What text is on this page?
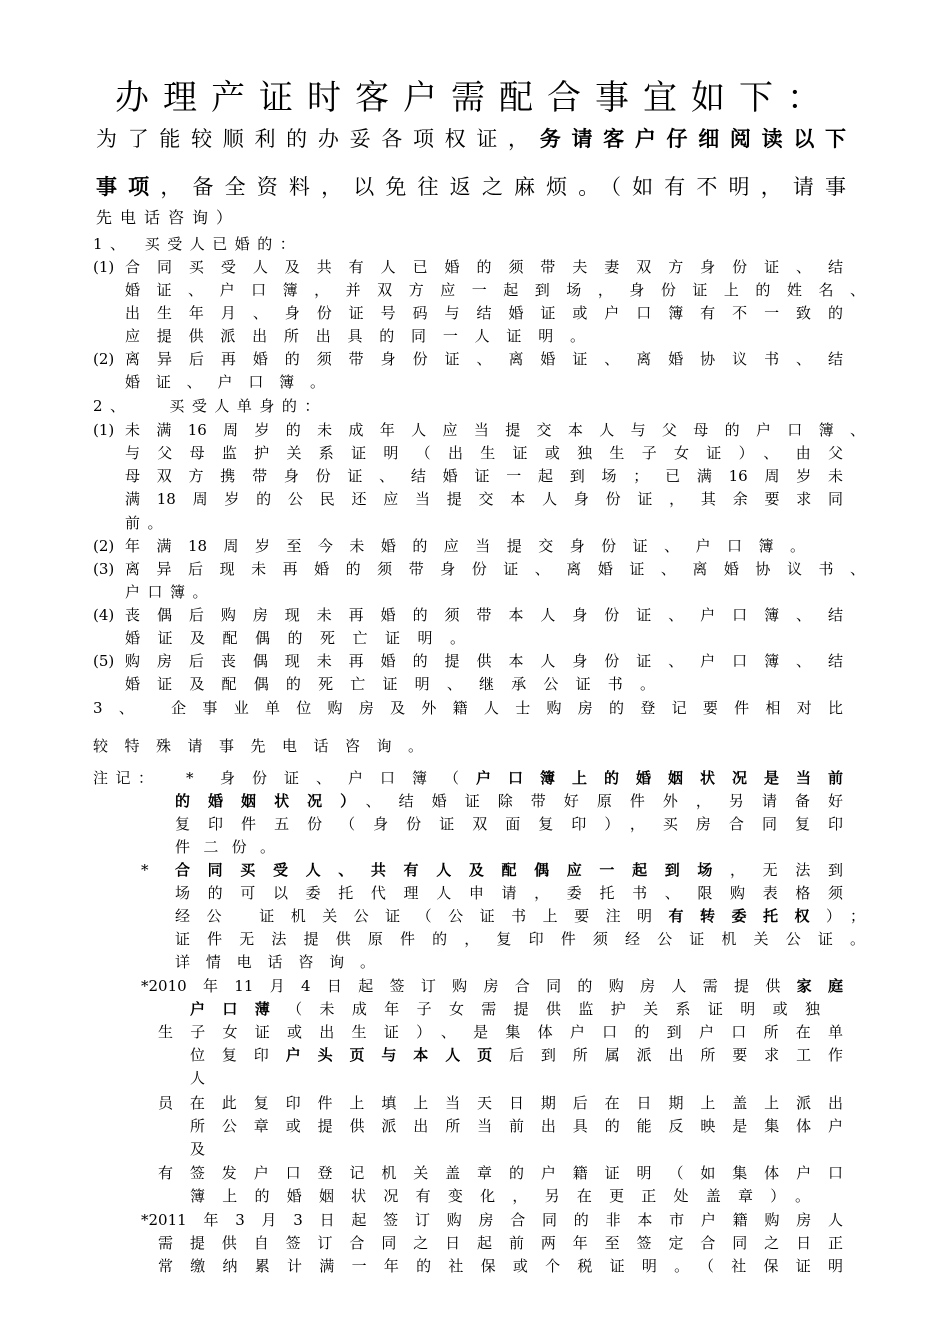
办理产证时客户需配合事宜如下：
为了能较顺利的办妥各项权证，务请客户仔细阅读以下
事项，备全资料，以免往返之麻烦。（如有不明，请事
先电话咨询）
1、 买受人已婚的：
(1) 合同买受人及共有人已婚的须带夫妻双方身份证、结
婚证、户口簿，并双方应一起到场，身份证上的姓名、
出生年月、身份证号码与结婚证或户口簿有不一致的
应提供派出所出具的同一人证明。
(2) 离异后再婚的须带身份证、离婚证、离婚协议书、结
婚证、户口簿。
2、   买受人单身的：
(1) 未满16周岁的未成年人应当提交本人与父母的户口簿、
与父母监护关系证明（出生证或独生子女证）、由父
母双方携带身份证、结婚证一起到场；已满16周岁未
满18周岁的公民还应当提交本人身份证，其余要求同
前。
(2) 年满18周岁至今未婚的应当提交身份证、户口簿。
(3) 离异后现未再婚的须带身份证、离婚证、离婚协议书、
户口簿。
(4) 丧偶后购房现未再婚的须带本人身份证、户口簿、结
婚证及配偶的死亡证明。
(5) 购房后丧偶现未再婚的提供本人身份证、户口簿、结
婚证及配偶的死亡证明、继承公证书。
3、 企事业单位购房及外籍人士购房的登记要件相对比
较特殊请事先电话咨询。
注记：	* 身份证、户口簿（户口簿上的婚姻状况是当前
的婚姻状况）、结婚证除带好原件外，另请备好
复印件五份（身份证双面复印），买房合同复印
件二份。
* 合同买受人、共有人及配偶应一起到场，无法到
场的可以委托代理人申请，委托书、限购表格须
经公 证机关公证（公证书上要注明有转委托权）；
证件无法提供原件的，复印件须经公证机关公证。
详情电话咨询。
*2010年11月4日起签订购房合同的购房人需提供家庭
户口薄（未成年子女需提供监护关系证明或独
生子女证或出生证）、是集体户口的到户口所在单
位复印户头页与本人页后到所属派出所要求工作
人
员在此复印件上填上当天日期后在日期上盖上派出
所公章或提供派出所当前出具的能反映是集体户
及
有签发户口登记机关盖章的户籍证明（如集体户口
簿上的婚姻状况有变化，另在更正处盖章）。
*2011年3月3日起签订购房合同的非本市户籍购房人
需提供自签订合同之日起前两年至签定合同之日正
常缴纳累计满一年的社保或个税证明。（社保证明
